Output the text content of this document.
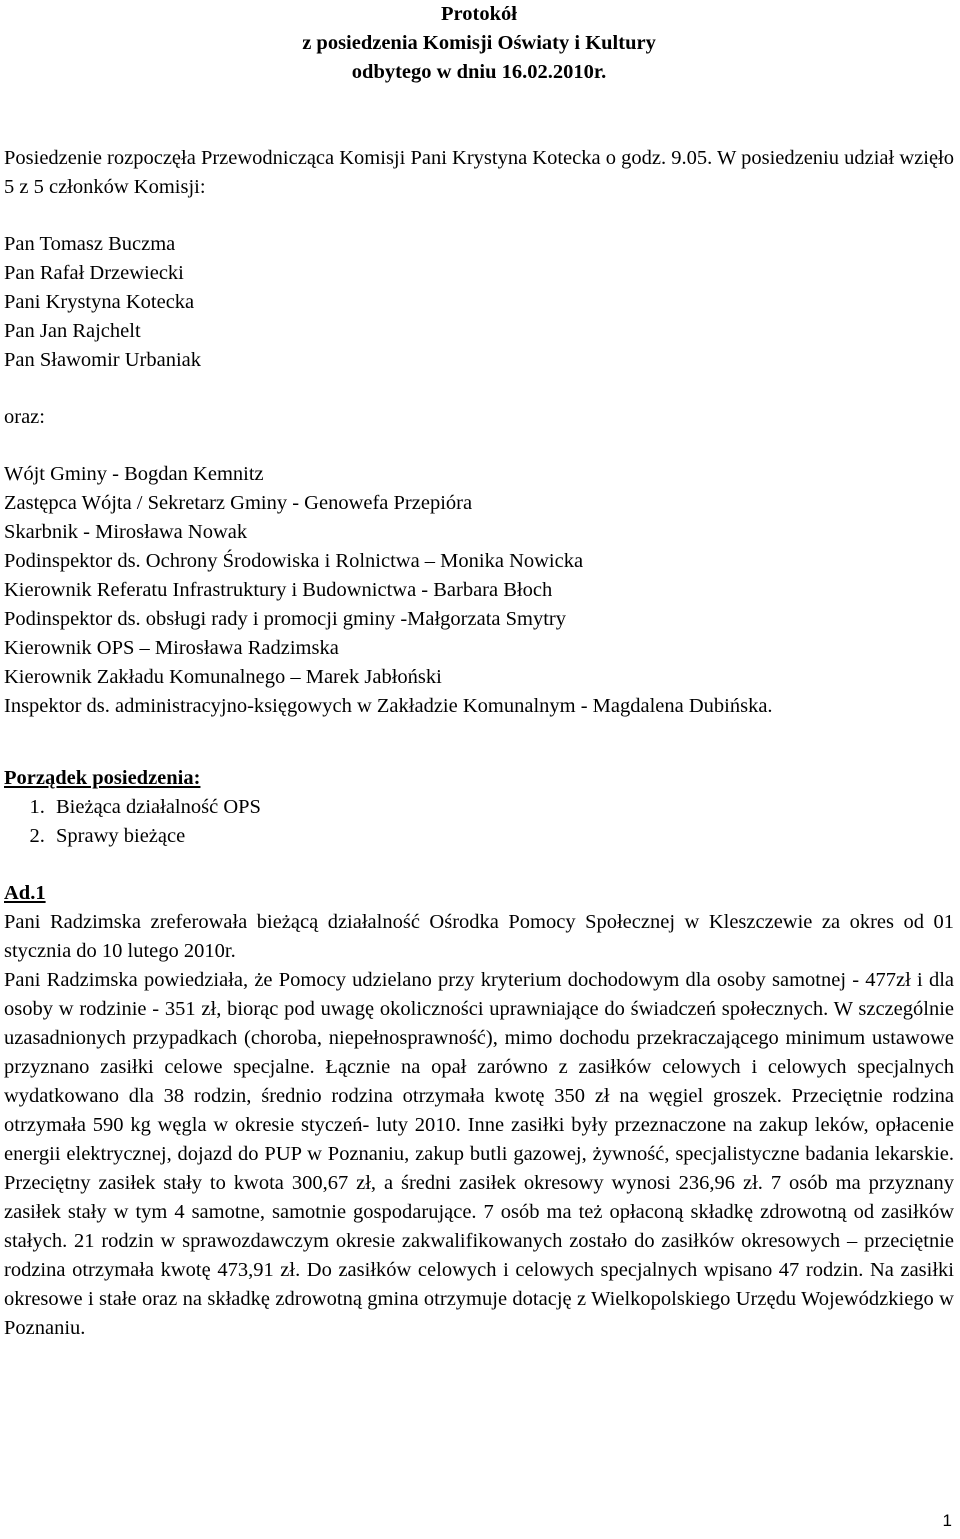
Protokół
z posiedzenia Komisji Oświaty i Kultury
odbytego w dniu 16.02.2010r.

Posiedzenie rozpoczęła Przewodnicząca Komisji Pani Krystyna Kotecka o godz. 9.05. W posiedzeniu udział wzięło 5 z 5 członków Komisji:

Pan Tomasz Buczma
Pan Rafał Drzewiecki
Pani Krystyna Kotecka
Pan Jan Rajchelt
Pan Sławomir Urbaniak
oraz:
Wójt Gminy - Bogdan Kemnitz
Zastępca Wójta / Sekretarz Gminy - Genowefa Przepióra
Skarbnik - Mirosława Nowak
Podinspektor ds. Ochrony Środowiska i Rolnictwa – Monika Nowicka
Kierownik Referatu Infrastruktury i Budownictwa - Barbara Błoch
Podinspektor ds. obsługi rady i promocji gminy -Małgorzata Smytry
Kierownik OPS – Mirosława Radzimska
Kierownik Zakładu Komunalnego – Marek Jabłoński
Inspektor ds. administracyjno-księgowych w Zakładzie Komunalnym - Magdalena Dubińska.
Porządek posiedzenia:
1. Bieżąca działalność OPS
2. Sprawy bieżące
Ad.1

Pani Radzimska zreferowała bieżącą działalność Ośrodka Pomocy Społecznej w Kleszczewie za okres od 01 stycznia do 10 lutego 2010r.

Pani Radzimska powiedziała, że Pomocy udzielano przy kryterium dochodowym dla osoby samotnej - 477zł i dla osoby w rodzinie - 351 zł, biorąc pod uwagę okoliczności uprawniające do świadczeń społecznych. W szczególnie uzasadnionych przypadkach (choroba, niepełnosprawność), mimo dochodu przekraczającego minimum ustawowe przyznano zasiłki celowe specjalne. Łącznie na opał zarówno z zasiłków celowych i celowych specjalnych wydatkowano dla 38 rodzin, średnio rodzina otrzymała kwotę 350 zł na węgiel groszek. Przeciętnie rodzina otrzymała 590 kg węgla w okresie styczeń- luty 2010. Inne zasiłki były przeznaczone na zakup leków, opłacenie energii elektrycznej, dojazd do PUP w Poznaniu, zakup butli gazowej, żywność, specjalistyczne badania lekarskie. Przeciętny zasiłek stały to kwota 300,67 zł, a średni zasiłek okresowy wynosi 236,96 zł. 7 osób ma przyznany zasiłek stały w tym 4 samotne, samotnie gospodarujące. 7 osób ma też opłaconą składkę zdrowotną od zasiłków stałych. 21 rodzin w sprawozdawczym okresie zakwalifikowanych zostało do zasiłków okresowych – przeciętnie rodzina otrzymała kwotę 473,91 zł. Do zasiłków celowych i celowych specjalnych wpisano 47 rodzin. Na zasiłki okresowe i stałe oraz na składkę zdrowotną gmina otrzymuje dotację z Wielkopolskiego Urzędu Wojewódzkiego w Poznaniu.

1
